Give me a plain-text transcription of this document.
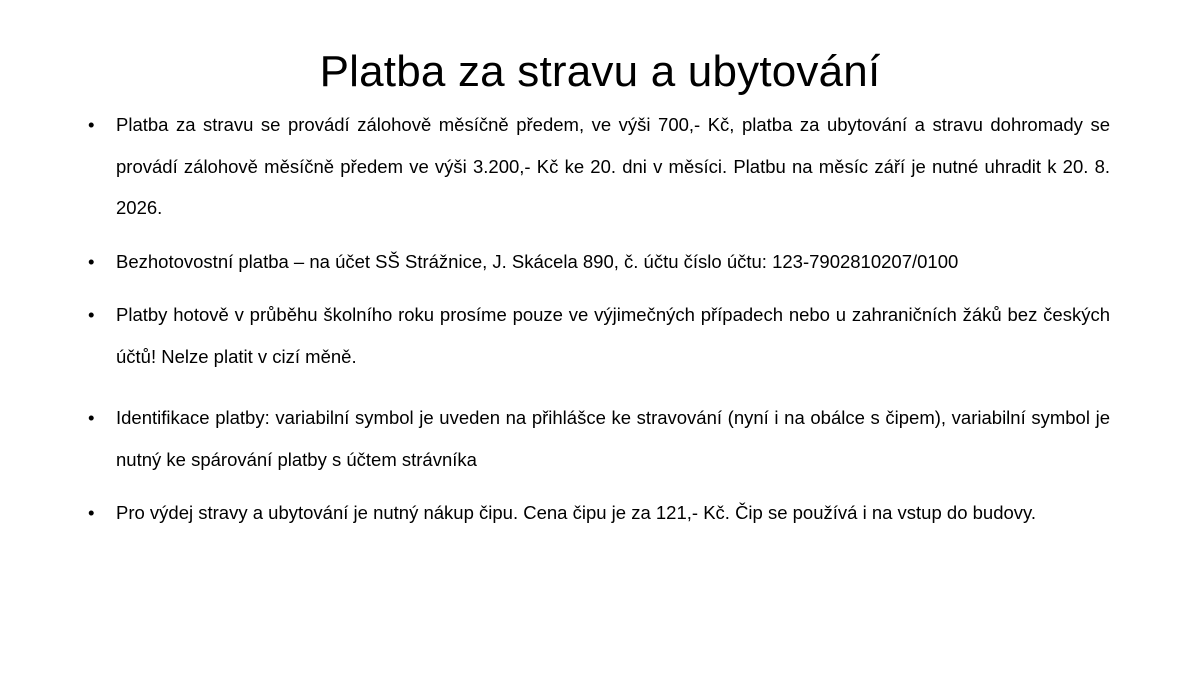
Platba za stravu a ubytování
•	Platba za stravu se provádí zálohově měsíčně předem, ve výši 700,- Kč, platba za ubytování a stravu dohromady se provádí zálohově měsíčně předem ve výši 3.200,- Kč ke 20. dni v měsíci. Platbu na měsíc září je nutné uhradit k 20. 8. 2026.
•	Bezhotovostní platba – na účet SŠ Strážnice, J. Skácela 890, č. účtu číslo účtu: 123-7902810207/0100
•	Platby hotově v průběhu školního roku prosíme pouze ve výjimečných případech nebo u zahraničních žáků bez českých účtů! Nelze platit v cizí měně.
•	Identifikace platby: variabilní symbol je uveden na přihlášce ke stravování (nyní i na obálce s čipem), variabilní symbol je nutný ke spárování platby s účtem strávníka
•	Pro výdej stravy a ubytování je nutný nákup čipu. Cena čipu je za 121,- Kč. Čip se používá i na vstup do budovy.
